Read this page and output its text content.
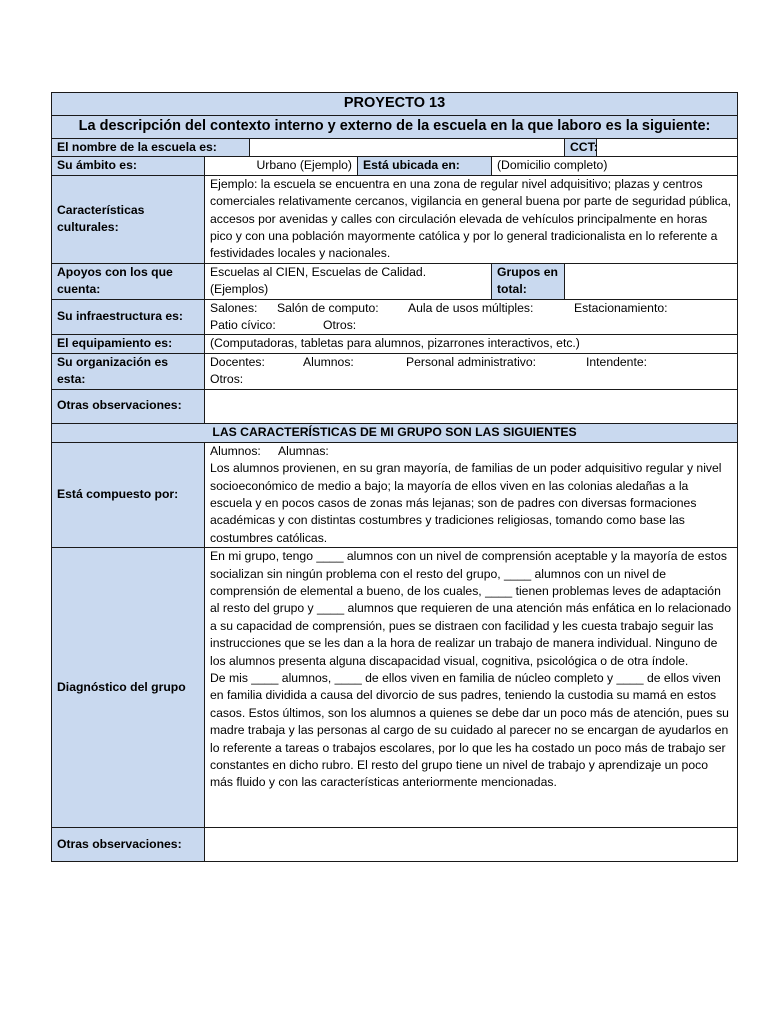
PROYECTO 13						
La descripción del contexto interno y externo de la escuela en la que laboro es la siguiente:						
El nombre de la escuela es:					CCT:	
Su ámbito es:	Urbano (Ejemplo)		Está ubicada en:	(Domicilio completo)		
Características culturales:	Ejemplo: la escuela se encuentra en una zona de regular nivel adquisitivo; plazas y centros comerciales relativamente cercanos, vigilancia en general buena por parte de seguridad pública, accesos por avenidas y calles con circulación elevada de vehículos principalmente en horas pico y con una población mayormente católica y por lo general tradicionalista en lo referente a festividades locales y nacionales.					
Apoyos con los que cuenta:	Escuelas al CIEN, Escuelas de Calidad. (Ejemplos)			Grupos en total:		
Su infraestructura es:	Salones: Salón de computo: Aula de usos múltiples: Estacionamiento:
Patio cívico: Otros:					

El equipamiento es:	(Computadoras, tabletas para alumnos, pizarrones interactivos, etc.)					
Su organización es esta:	Docentes: Alumnos: Personal administrativo: Intendente:
Otros:					

Otras observaciones:						
LAS CARACTERÍSTICAS DE MI GRUPO SON LAS SIGUIENTES						
Está compuesto por:	Alumnos: Alumnas:

Los alumnos provienen, en su gran mayoría, de familias de un poder adquisitivo regular y nivel socioeconómico de medio a bajo; la mayoría de ellos viven en las colonias aledañas a la escuela y en pocos casos de zonas más lejanas; son de padres con diversas formaciones académicas y con distintas costumbres y tradiciones religiosas, tomando como base las costumbres católicas.					

Diagnóstico del grupo	En mi grupo, tengo ____ alumnos con un nivel de comprensión aceptable y la mayoría de estos socializan sin ningún problema con el resto del grupo, ____ alumnos con un nivel de comprensión de elemental a bueno, de los cuales, ____ tienen problemas leves de adaptación al resto del grupo y ____ alumnos que requieren de una atención más enfática en lo relacionado a su capacidad de comprensión, pues se distraen con facilidad y les cuesta trabajo seguir las instrucciones que se les dan a la hora de realizar un trabajo de manera individual. Ninguno de los alumnos presenta alguna discapacidad visual, cognitiva, psicológica o de otra índole.

De mis ____ alumnos, ____ de ellos viven en familia de núcleo completo y ____ de ellos viven en familia dividida a causa del divorcio de sus padres, teniendo la custodia su mamá en estos casos. Estos últimos, son los alumnos a quienes se debe dar un poco más de atención, pues su madre trabaja y las personas al cargo de su cuidado al parecer no se encargan de ayudarlos en lo referente a tareas o trabajos escolares, por lo que les ha costado un poco más de trabajo ser constantes en dicho rubro. El resto del grupo tiene un nivel de trabajo y aprendizaje un poco más fluido y con las características anteriormente mencionadas.					

Otras observaciones:						
